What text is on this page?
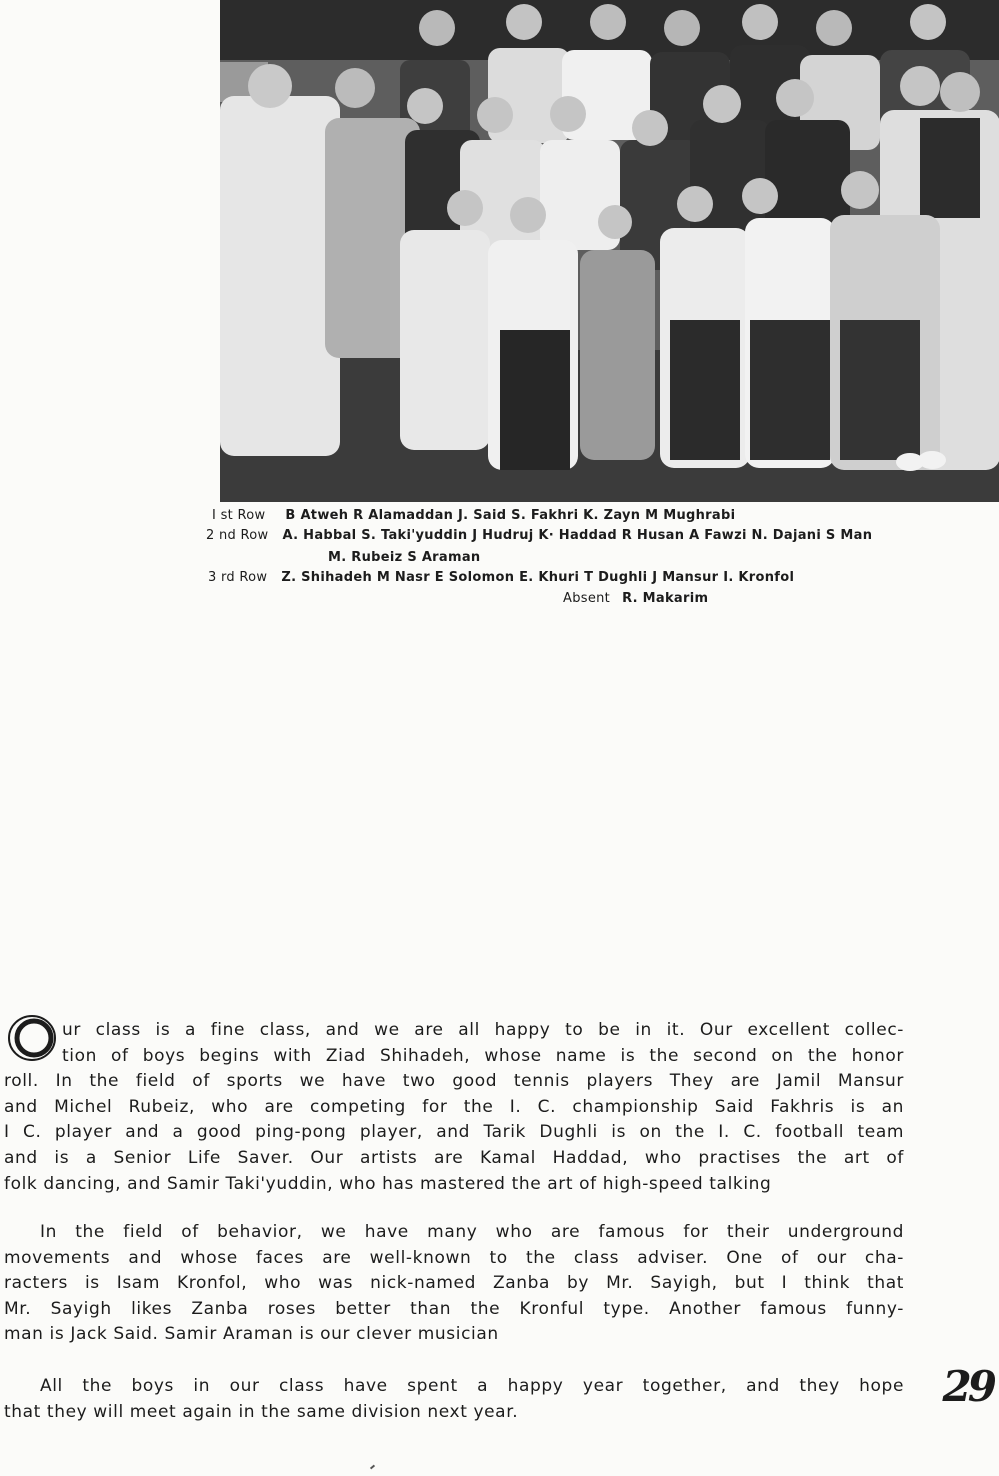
I st Row B Atweh R Alamaddan J. Said S. Fakhri K. Zayn M Mughrabi
2 nd Row A. Habbal S. Taki'yuddin J Hudruj K· Haddad R Husan A Fawzi N. Dajani S Man
M. Rubeiz S Araman
3 rd Row Z. Shihadeh M Nasr E Solomon E. Khuri T Dughli J Mansur I. Kronfol
Absent R. Makarim
ur class is a fine class, and we are all happy to be in it. Our excellent collec-
tion of boys begins with Ziad Shihadeh, whose name is the second on the honor
roll. In the field of sports we have two good tennis players They are Jamil Mansur
and Michel Rubeiz, who are competing for the I. C. championship Said Fakhris is an
I C. player and a good ping-pong player, and Tarik Dughli is on the I. C. football team
and is a Senior Life Saver. Our artists are Kamal Haddad, who practises the art of
folk dancing, and Samir Taki'yuddin, who has mastered the art of high-speed talking
In the field of behavior, we have many who are famous for their underground
movements and whose faces are well-known to the class adviser. One of our cha-
racters is Isam Kronfol, who was nick-named Zanba by Mr. Sayigh, but I think that
Mr. Sayigh likes Zanba roses better than the Kronful type. Another famous funny-
man is Jack Said. Samir Araman is our clever musician
All the boys in our class have spent a happy year together, and they hope
that they will meet again in the same division next year.
29
